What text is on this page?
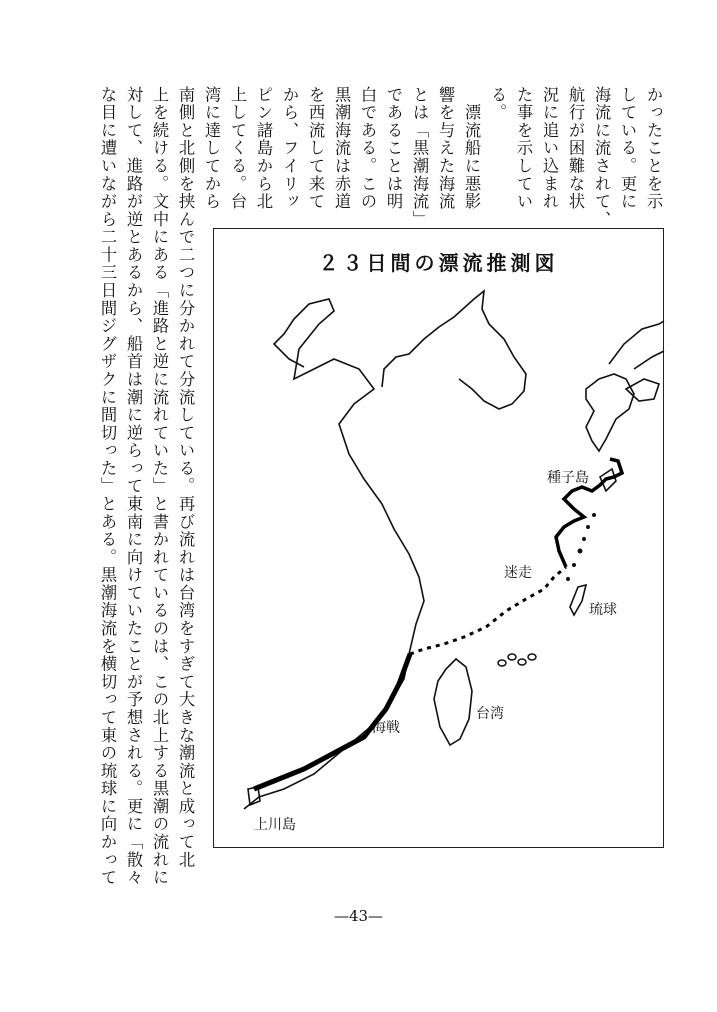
かったことを示
している。更に
海流に流されて、
航行が困難な状
況に追い込まれ
た事を示してい
る。
　漂流船に悪影
響を与えた海流
とは「黒潮海流」
であることは明
白である。この
黒潮海流は赤道
を西流して来て
から、フイリッ
ピン諸島から北
上してくる。台
湾に達してから
南側と北側を挟んで二つに分かれて分流している。再び流れは台湾をすぎて大きな潮流と成って北
上を続ける。文中にある「進路と逆に流れていた」と書かれているのは、この北上する黒潮の流れに
対して、進路が逆とあるから、船首は潮に逆らって東南に向けていたことが予想される。更に「散々
な目に遭いながら二十三日間ジグザクに間切った」とある。黒潮海流を横切って東の琉球に向かって	２３日間の漂流推測図
種子島
迷走
琉球
台湾
海戦
上川島
—43—
